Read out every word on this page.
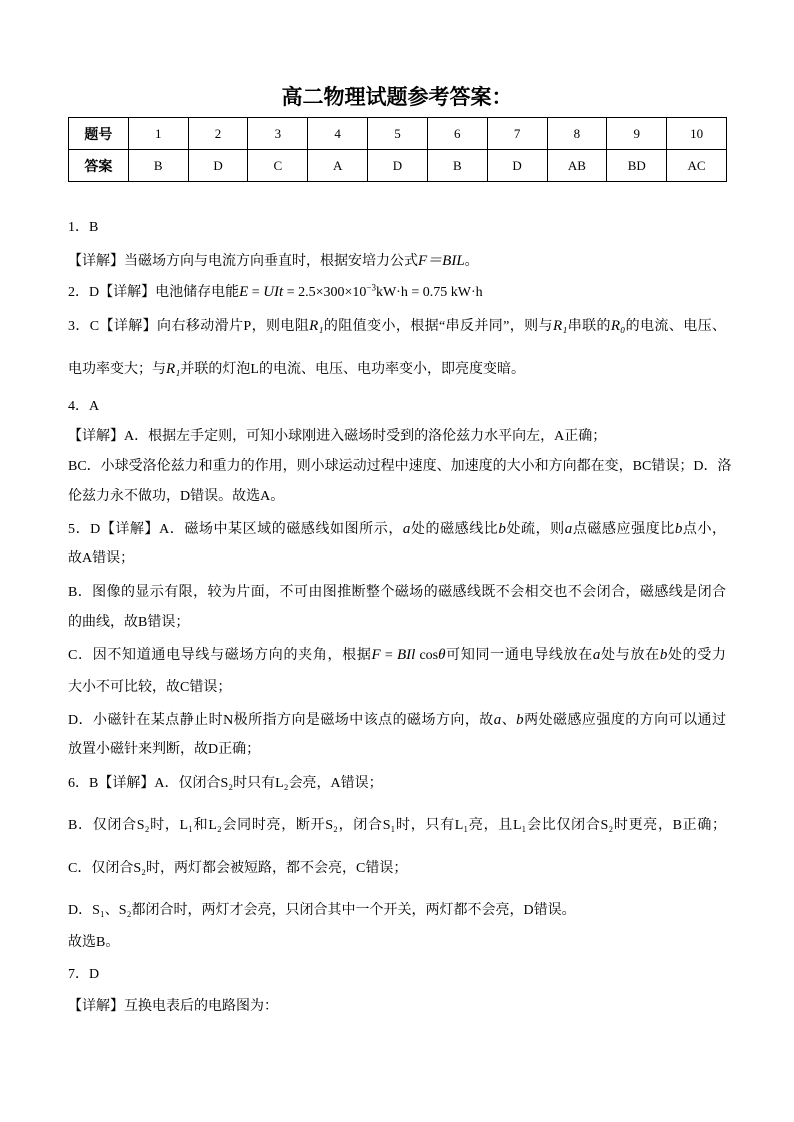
高二物理试题参考答案：
题号	1	2	3	4	5	6	7	8	9	10
答案	B	D	C	A	D	B	D	AB	BD	AC
1．B
【详解】当磁场方向与电流方向垂直时，根据安培力公式F＝BIL。
2．D【详解】电池储存电能E = UIt = $2.5\times 300\times 10^{-3}kW\cdot h = 0.75$ kW·h
3．C【详解】向右移动滑片P，则电阻R₁的阻值变小，根据“串反并同”，则与R₁串联的R₀的电流、电压、
电功率变大；与R₁并联的灯泡L的电流、电压、电功率变小，即亮度变暗。
4．A
【详解】A．根据左手定则，可知小球刚进入磁场时受到的洛伦兹力水平向左，A正确；
BC．小球受洛伦兹力和重力的作用，则小球运动过程中速度、加速度的大小和方向都在变，BC错误；D．洛
伦兹力永不做功，D错误。故选A。
5．D【详解】A．磁场中某区域的磁感线如图所示，a处的磁感线比b处疏，则a点磁感应强度比b点小，
故A错误；
B．图像的显示有限，较为片面，不可由图推断整个磁场的磁感线既不会相交也不会闭合，磁感线是闭合
的曲线，故B错误；
C．因不知道通电导线与磁场方向的夹角，根据F = BIl cosθ可知同一通电导线放在a处与放在b处的受力
大小不可比较，故C错误；
D．小磁针在某点静止时N极所指方向是磁场中该点的磁场方向，故a、b两处磁感应强度的方向可以通过
放置小磁针来判断，故D正确；
6．B【详解】A．仅闭合S₂时只有L₂会亮，A错误；
B．仅闭合S₂时，L₁和L₂会同时亮，断开S₂，闭合S₁时，只有L₁亮，且L₁会比仅闭合S₂时更亮，B正确；
C．仅闭合S₂时，两灯都会被短路，都不会亮，C错误；
D．S₁、S₂都闭合时，两灯才会亮，只闭合其中一个开关，两灯都不会亮，D错误。
故选B。
7．D
【详解】互换电表后的电路图为：
